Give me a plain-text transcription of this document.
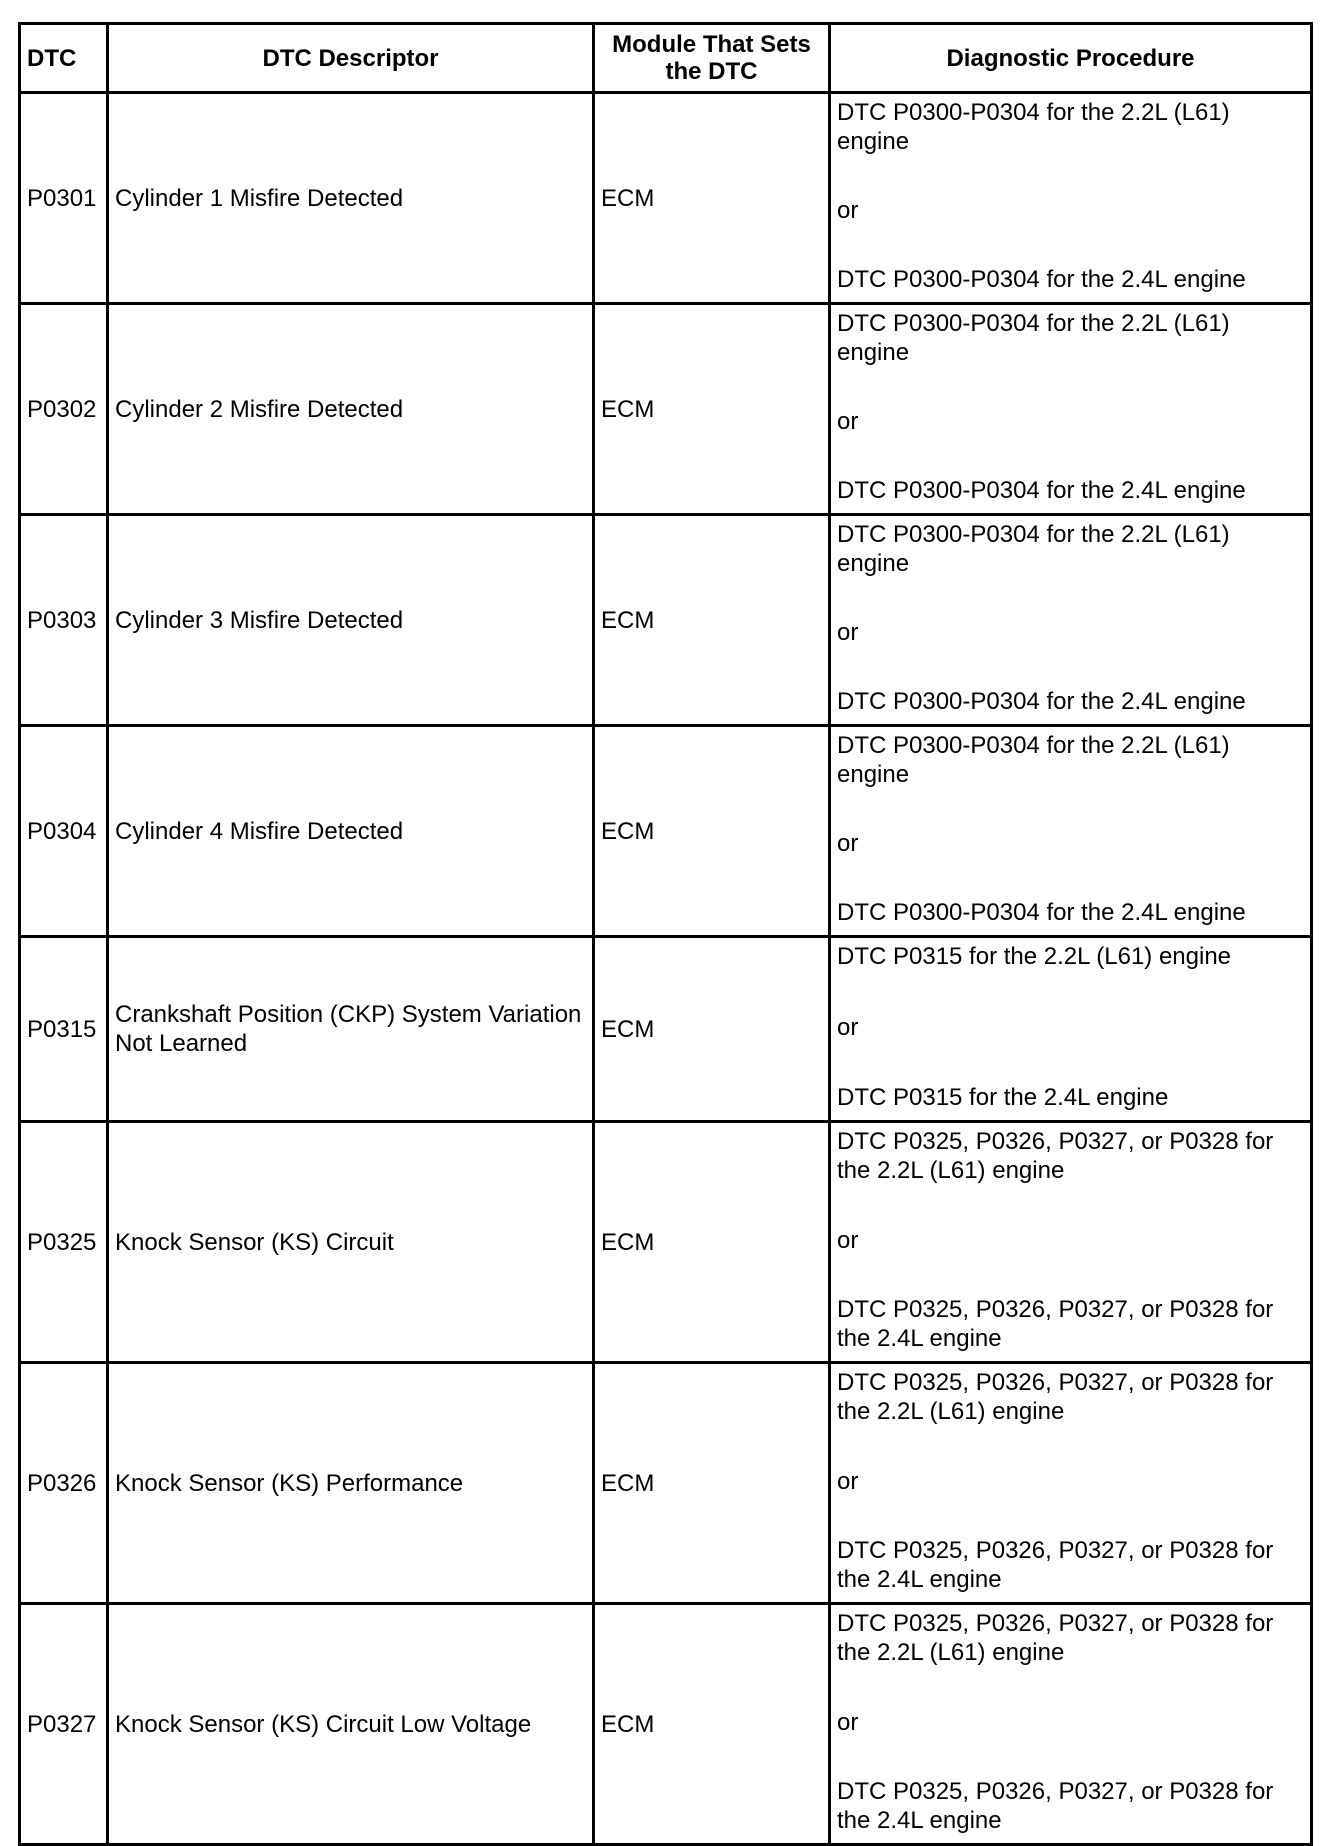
DTC	DTC Descriptor	Module That Sets the DTC	Diagnostic Procedure
P0301	Cylinder 1 Misfire Detected	ECM	DTC P0300-P0304 for the 2.2L (L61) engine
or
DTC P0300-P0304 for the 2.4L engine

P0302	Cylinder 2 Misfire Detected	ECM	DTC P0300-P0304 for the 2.2L (L61) engine
or
DTC P0300-P0304 for the 2.4L engine

P0303	Cylinder 3 Misfire Detected	ECM	DTC P0300-P0304 for the 2.2L (L61) engine
or
DTC P0300-P0304 for the 2.4L engine

P0304	Cylinder 4 Misfire Detected	ECM	DTC P0300-P0304 for the 2.2L (L61) engine
or
DTC P0300-P0304 for the 2.4L engine

P0315	Crankshaft Position (CKP) System Variation Not Learned	ECM	DTC P0315 for the 2.2L (L61) engine
or
DTC P0315 for the 2.4L engine

P0325	Knock Sensor (KS) Circuit	ECM	DTC P0325, P0326, P0327, or P0328 for the 2.2L (L61) engine
or
DTC P0325, P0326, P0327, or P0328 for the 2.4L engine

P0326	Knock Sensor (KS) Performance	ECM	DTC P0325, P0326, P0327, or P0328 for the 2.2L (L61) engine
or
DTC P0325, P0326, P0327, or P0328 for the 2.4L engine

P0327	Knock Sensor (KS) Circuit Low Voltage	ECM	DTC P0325, P0326, P0327, or P0328 for the 2.2L (L61) engine
or
DTC P0325, P0326, P0327, or P0328 for the 2.4L engine
